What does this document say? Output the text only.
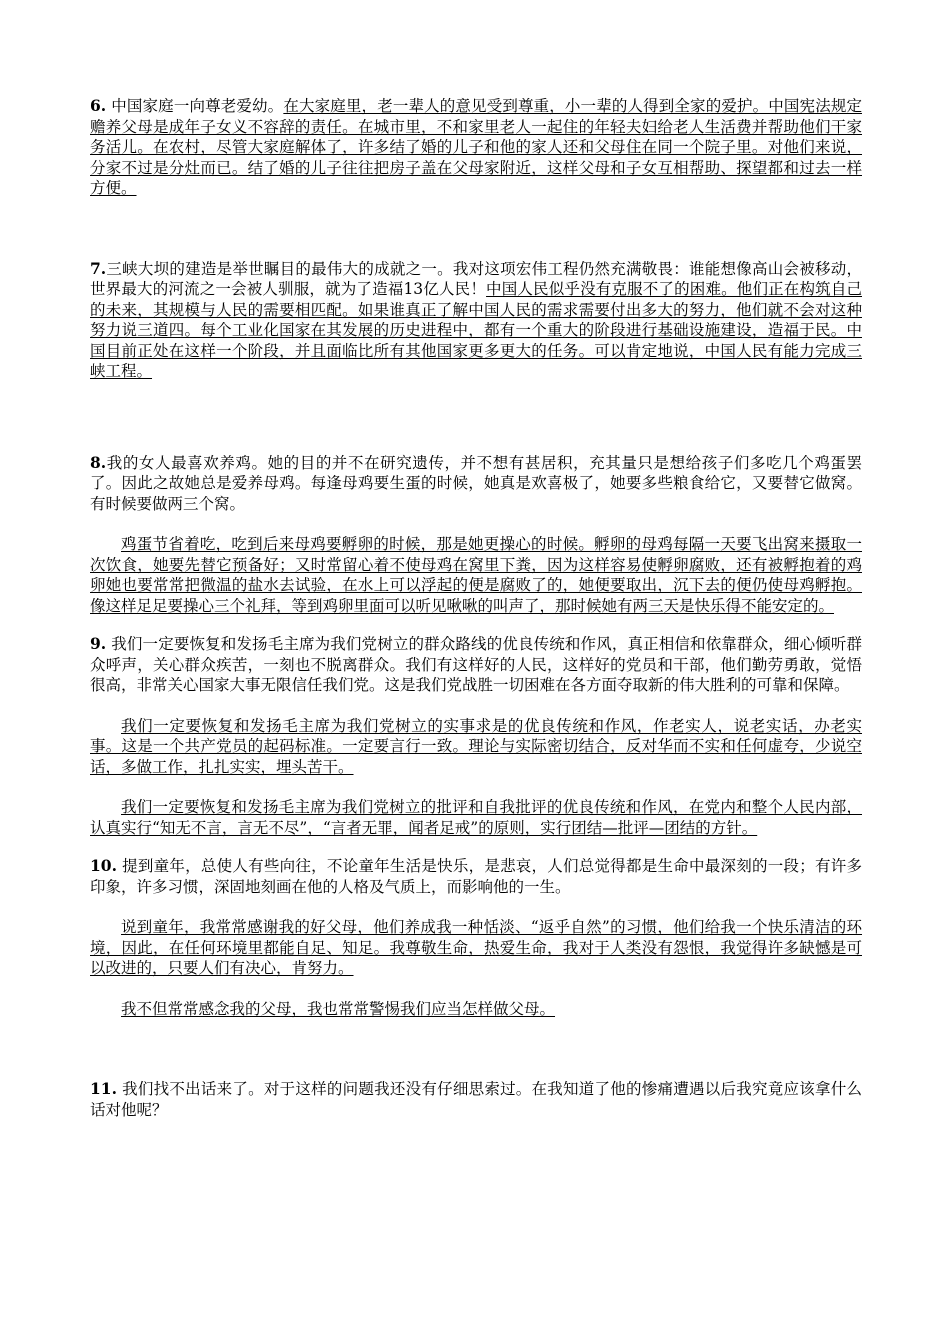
6. 中国家庭一向尊老爱幼。在大家庭里，老一辈人的意见受到尊重，小一辈的人得到全家的爱护。中国宪法规定赡养父母是成年子女义不容辞的责任。在城市里，不和家里老人一起住的年轻夫妇给老人生活费并帮助他们干家务活儿。在农村，尽管大家庭解体了，许多结了婚的儿子和他的家人还和父母住在同一个院子里。对他们来说，分家不过是分灶而已。结了婚的儿子往往把房子盖在父母家附近，这样父母和子女互相帮助、探望都和过去一样方便。

7.三峡大坝的建造是举世瞩目的最伟大的成就之一。我对这项宏伟工程仍然充满敬畏：谁能想像高山会被移动，世界最大的河流之一会被人驯服，就为了造福13亿人民！中国人民似乎没有克服不了的困难。他们正在构筑自己的未来，其规模与人民的需要相匹配。如果谁真正了解中国人民的需求需要付出多大的努力，他们就不会对这种努力说三道四。每个工业化国家在其发展的历史进程中，都有一个重大的阶段进行基础设施建设，造福于民。中国目前正处在这样一个阶段，并且面临比所有其他国家更多更大的任务。可以肯定地说，中国人民有能力完成三峡工程。

8.我的女人最喜欢养鸡。她的目的并不在研究遗传，并不想有甚居积，充其量只是想给孩子们多吃几个鸡蛋罢了。因此之故她总是爱养母鸡。每逢母鸡要生蛋的时候，她真是欢喜极了，她要多些粮食给它，又要替它做窝。有时候要做两三个窝。

鸡蛋节省着吃，吃到后来母鸡要孵卵的时候，那是她更操心的时候。孵卵的母鸡每隔一天要飞出窝来摄取一次饮食，她要先替它预备好；又时常留心着不使母鸡在窝里下粪，因为这样容易使孵卵腐败，还有被孵抱着的鸡卵她也要常常把微温的盐水去试验，在水上可以浮起的便是腐败了的，她便要取出，沉下去的便仍使母鸡孵抱。像这样足足要操心三个礼拜，等到鸡卵里面可以听见啾啾的叫声了，那时候她有两三天是快乐得不能安定的。

9. 我们一定要恢复和发扬毛主席为我们党树立的群众路线的优良传统和作风，真正相信和依靠群众，细心倾听群众呼声，关心群众疾苦，一刻也不脱离群众。我们有这样好的人民，这样好的党员和干部，他们勤劳勇敢，觉悟很高，非常关心国家大事无限信任我们党。这是我们党战胜一切困难在各方面夺取新的伟大胜利的可靠和保障。

我们一定要恢复和发扬毛主席为我们党树立的实事求是的优良传统和作风，作老实人，说老实话，办老实事。这是一个共产党员的起码标准。一定要言行一致。理论与实际密切结合，反对华而不实和任何虚夸，少说空话，多做工作，扎扎实实，埋头苦干。

我们一定要恢复和发扬毛主席为我们党树立的批评和自我批评的优良传统和作风，在党内和整个人民内部，认真实行“知无不言，言无不尽”，“言者无罪，闻者足戒”的原则，实行团结—批评—团结的方针。

10. 提到童年，总使人有些向往，不论童年生活是快乐，是悲哀，人们总觉得都是生命中最深刻的一段；有许多印象，许多习惯，深固地刻画在他的人格及气质上，而影响他的一生。

说到童年，我常常感谢我的好父母，他们养成我一种恬淡、“返乎自然”的习惯，他们给我一个快乐清洁的环境，因此，在任何环境里都能自足、知足。我尊敬生命，热爱生命，我对于人类没有怨恨，我觉得许多缺憾是可以改进的，只要人们有决心，肯努力。

我不但常常感念我的父母，我也常常警惕我们应当怎样做父母。

11. 我们找不出话来了。对于这样的问题我还没有仔细思索过。在我知道了他的惨痛遭遇以后我究竟应该拿什么话对他呢？
